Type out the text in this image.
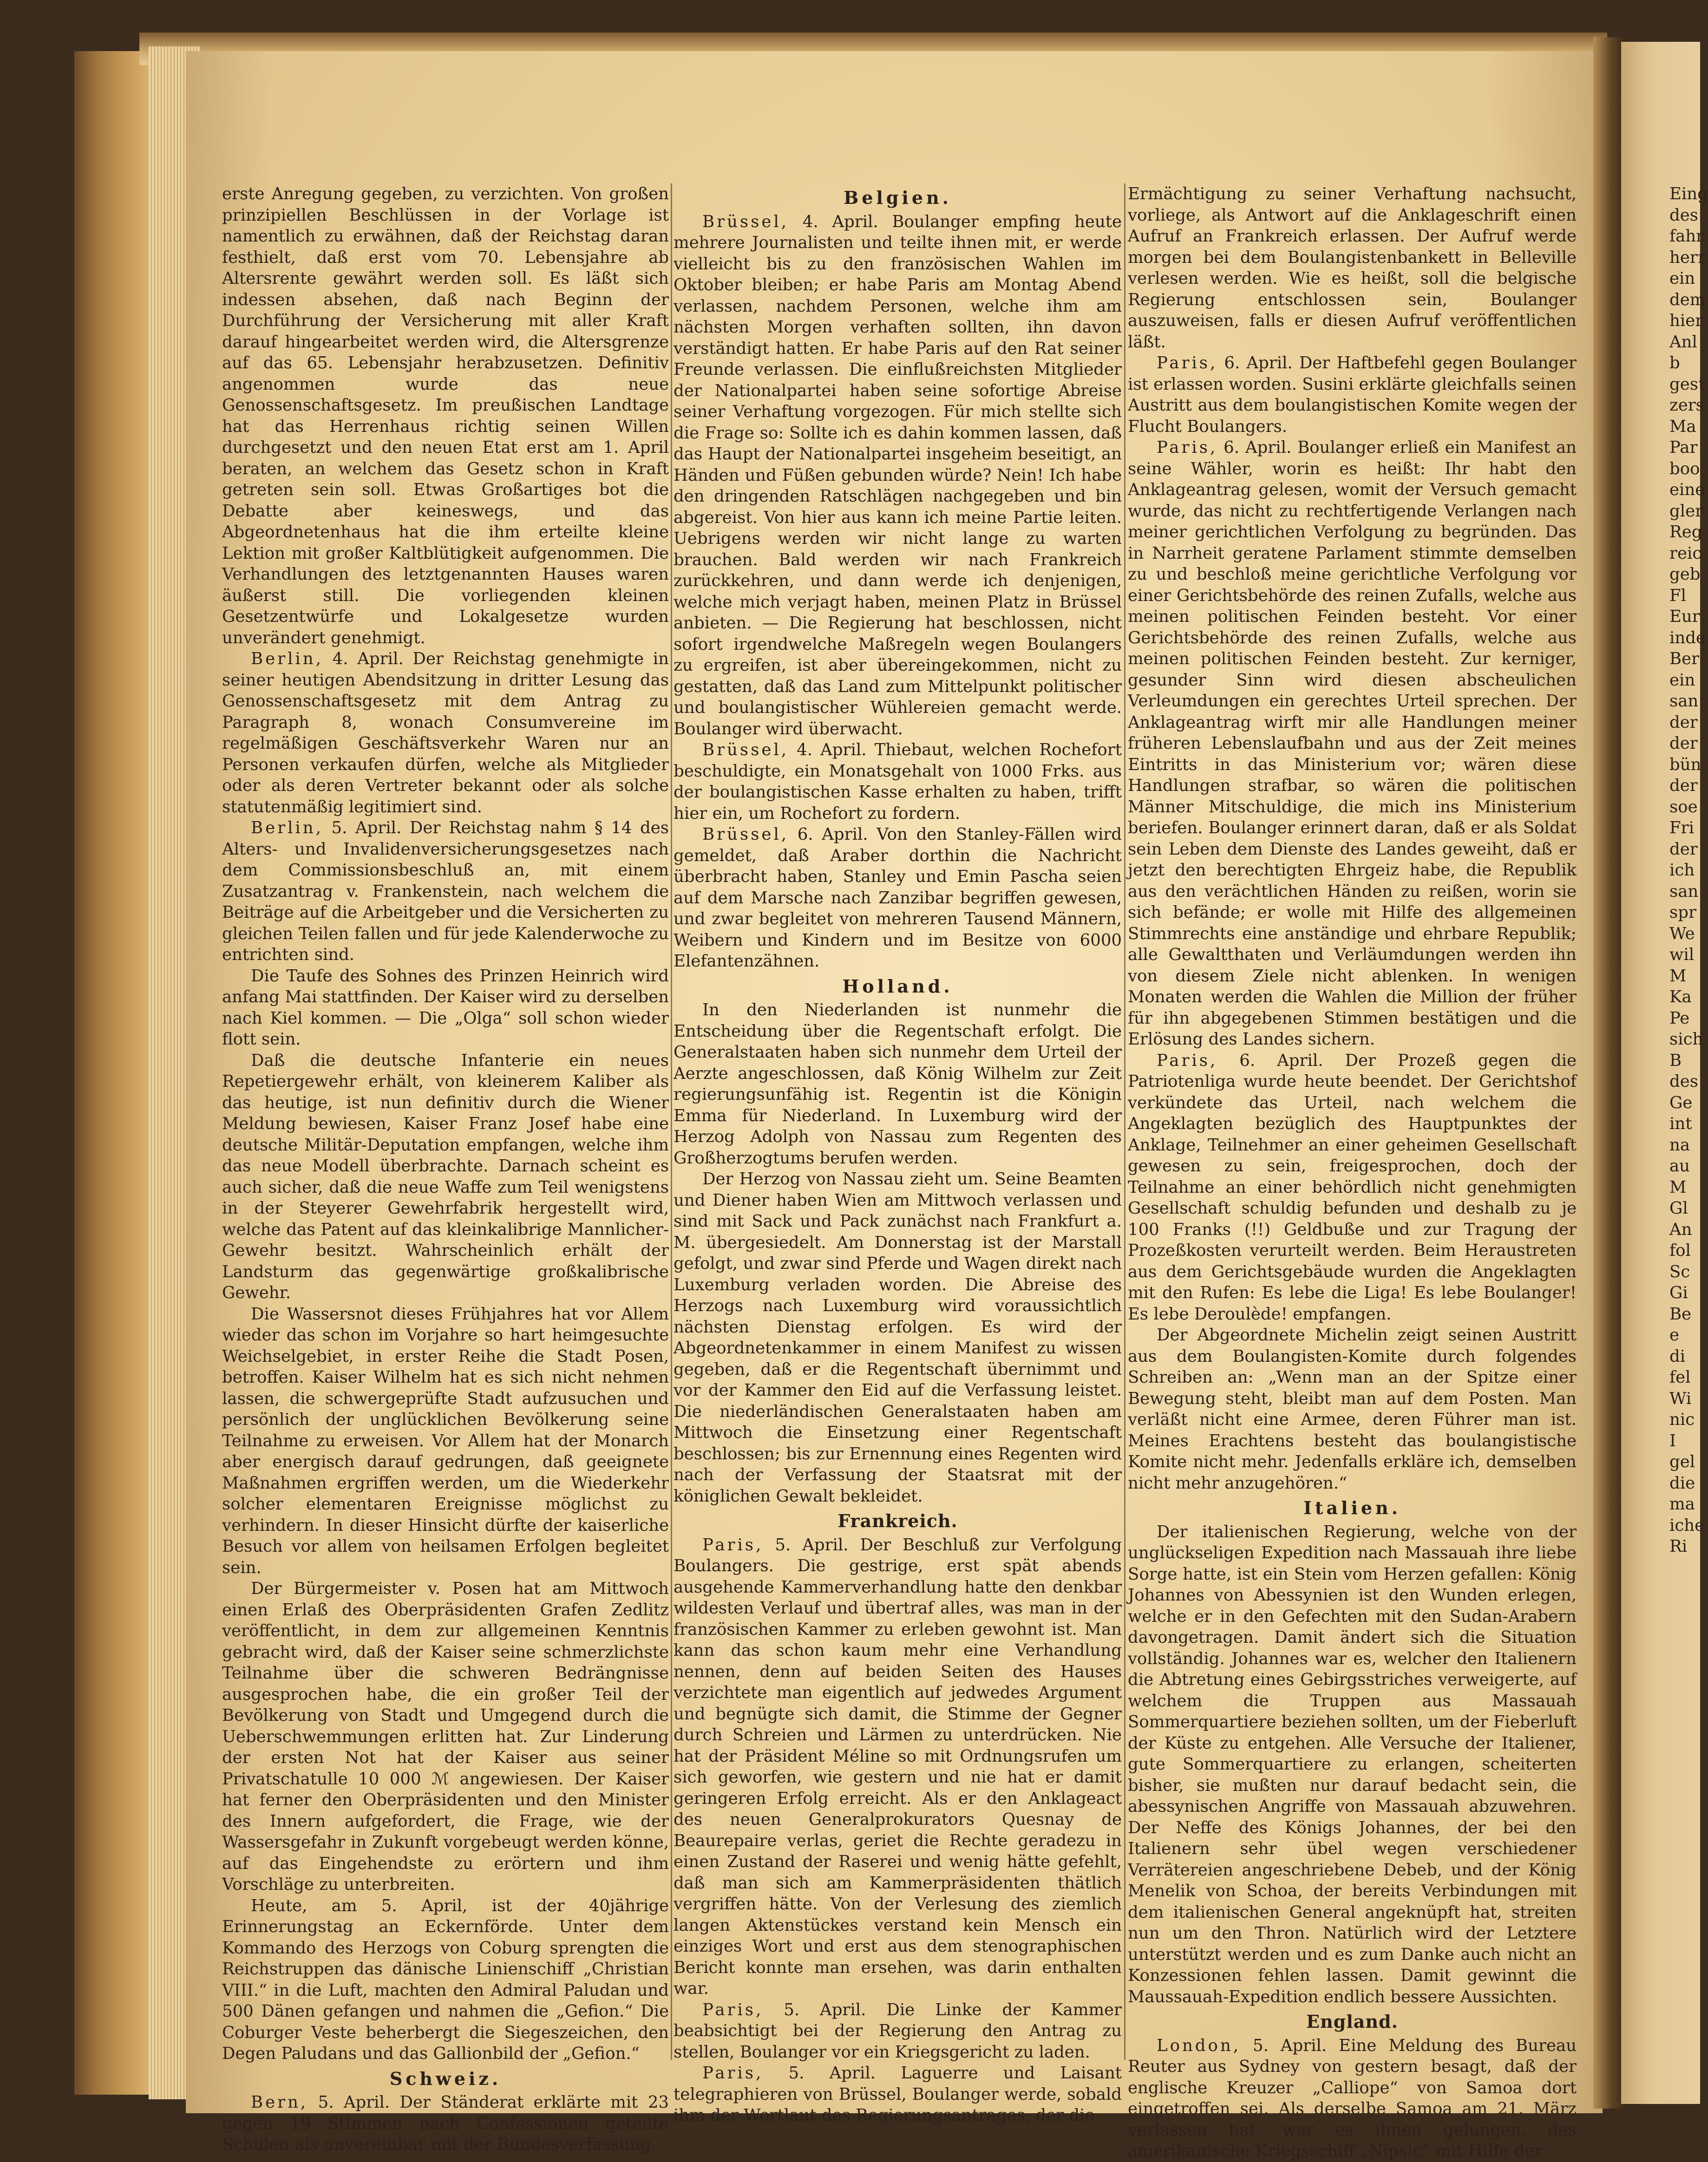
erste Anregung gegeben, zu verzichten. Von großen prinzipiellen Beschlüssen in der Vorlage ist namentlich zu erwähnen, daß der Reichstag daran festhielt, daß erst vom 70. Lebensjahre ab Altersrente gewährt werden soll. Es läßt sich indessen absehen, daß nach Beginn der Durchführung der Versicherung mit aller Kraft darauf hingearbeitet werden wird, die Altersgrenze auf das 65. Lebensjahr herabzusetzen. Definitiv angenommen wurde das neue Genossenschaftsgesetz. Im preußischen Landtage hat das Herrenhaus richtig seinen Willen durchgesetzt und den neuen Etat erst am 1. April beraten, an welchem das Gesetz schon in Kraft getreten sein soll. Etwas Großartiges bot die Debatte aber keineswegs, und das Abgeordnetenhaus hat die ihm erteilte kleine Lektion mit großer Kaltblütigkeit aufgenommen. Die Verhandlungen des letztgenannten Hauses waren äußerst still. Die vorliegenden kleinen Gesetzentwürfe und Lokalgesetze wurden unverändert genehmigt.

Berlin, 4. April. Der Reichstag genehmigte in seiner heutigen Abendsitzung in dritter Lesung das Genossenschaftsgesetz mit dem Antrag zu Paragraph 8, wonach Consumvereine im regelmäßigen Geschäftsverkehr Waren nur an Personen verkaufen dürfen, welche als Mitglieder oder als deren Vertreter bekannt oder als solche statutenmäßig legitimiert sind.

Berlin, 5. April. Der Reichstag nahm § 14 des Alters- und Invalidenversicherungsgesetzes nach dem Commissionsbeschluß an, mit einem Zusatzantrag v. Frankenstein, nach welchem die Beiträge auf die Arbeitgeber und die Versicherten zu gleichen Teilen fallen und für jede Kalenderwoche zu entrichten sind.

Die Taufe des Sohnes des Prinzen Heinrich wird anfang Mai stattfinden. Der Kaiser wird zu derselben nach Kiel kommen. — Die „Olga“ soll schon wieder flott sein.

Daß die deutsche Infanterie ein neues Repetiergewehr erhält, von kleinerem Kaliber als das heutige, ist nun definitiv durch die Wiener Meldung bewiesen, Kaiser Franz Josef habe eine deutsche Militär-Deputation empfangen, welche ihm das neue Modell überbrachte. Darnach scheint es auch sicher, daß die neue Waffe zum Teil wenigstens in der Steyerer Gewehrfabrik hergestellt wird, welche das Patent auf das kleinkalibrige Mannlicher-Gewehr besitzt. Wahrscheinlich erhält der Landsturm das gegenwärtige großkalibrische Gewehr.

Die Wassersnot dieses Frühjahres hat vor Allem wieder das schon im Vorjahre so hart heimgesuchte Weichselgebiet, in erster Reihe die Stadt Posen, betroffen. Kaiser Wilhelm hat es sich nicht nehmen lassen, die schwergeprüfte Stadt aufzusuchen und persönlich der unglücklichen Bevölkerung seine Teilnahme zu erweisen. Vor Allem hat der Monarch aber energisch darauf gedrungen, daß geeignete Maßnahmen ergriffen werden, um die Wiederkehr solcher elementaren Ereignisse möglichst zu verhindern. In dieser Hinsicht dürfte der kaiserliche Besuch vor allem von heilsamen Erfolgen begleitet sein.

Der Bürgermeister v. Posen hat am Mittwoch einen Erlaß des Oberpräsidenten Grafen Zedlitz veröffentlicht, in dem zur allgemeinen Kenntnis gebracht wird, daß der Kaiser seine schmerzlichste Teilnahme über die schweren Bedrängnisse ausgesprochen habe, die ein großer Teil der Bevölkerung von Stadt und Umgegend durch die Ueberschwemmungen erlitten hat. Zur Linderung der ersten Not hat der Kaiser aus seiner Privatschatulle 10 000 ℳ angewiesen. Der Kaiser hat ferner den Oberpräsidenten und den Minister des Innern aufgefordert, die Frage, wie der Wassersgefahr in Zukunft vorgebeugt werden könne, auf das Eingehendste zu erörtern und ihm Vorschläge zu unterbreiten.

Heute, am 5. April, ist der 40jährige Erinnerungstag an Eckernförde. Unter dem Kommando des Herzogs von Coburg sprengten die Reichstruppen das dänische Linienschiff „Christian VIII.“ in die Luft, machten den Admiral Paludan und 500 Dänen gefangen und nahmen die „Gefion.“ Die Coburger Veste beherbergt die Siegeszeichen, den Degen Paludans und das Gallionbild der „Gefion.“

Schweiz.

Bern, 5. April. Der Ständerat erklärte mit 23 gegen 19 Stimmen nach Confessionen geteilte Schulen als unvereinbar mit der Bundesverfassung.

Belgien.

Brüssel, 4. April. Boulanger empfing heute mehrere Journalisten und teilte ihnen mit, er werde vielleicht bis zu den französischen Wahlen im Oktober bleiben; er habe Paris am Montag Abend verlassen, nachdem Personen, welche ihm am nächsten Morgen verhaften sollten, ihn davon verständigt hatten. Er habe Paris auf den Rat seiner Freunde verlassen. Die einflußreichsten Mitglieder der Nationalpartei haben seine sofortige Abreise seiner Verhaftung vorgezogen. Für mich stellte sich die Frage so: Sollte ich es dahin kommen lassen, daß das Haupt der Nationalpartei insgeheim beseitigt, an Händen und Füßen gebunden würde? Nein! Ich habe den dringenden Ratschlägen nachgegeben und bin abgereist. Von hier aus kann ich meine Partie leiten. Uebrigens werden wir nicht lange zu warten brauchen. Bald werden wir nach Frankreich zurückkehren, und dann werde ich denjenigen, welche mich verjagt haben, meinen Platz in Brüssel anbieten. — Die Regierung hat beschlossen, nicht sofort irgendwelche Maßregeln wegen Boulangers zu ergreifen, ist aber übereingekommen, nicht zu gestatten, daß das Land zum Mittelpunkt politischer und boulangistischer Wühlereien gemacht werde. Boulanger wird überwacht.

Brüssel, 4. April. Thiebaut, welchen Rochefort beschuldigte, ein Monatsgehalt von 1000 Frks. aus der boulangistischen Kasse erhalten zu haben, trifft hier ein, um Rochefort zu fordern.

Brüssel, 6. April. Von den Stanley-Fällen wird gemeldet, daß Araber dorthin die Nachricht überbracht haben, Stanley und Emin Pascha seien auf dem Marsche nach Zanzibar begriffen gewesen, und zwar begleitet von mehreren Tausend Männern, Weibern und Kindern und im Besitze von 6000 Elefantenzähnen.

Holland.

In den Niederlanden ist nunmehr die Entscheidung über die Regentschaft erfolgt. Die Generalstaaten haben sich nunmehr dem Urteil der Aerzte angeschlossen, daß König Wilhelm zur Zeit regierungsunfähig ist. Regentin ist die Königin Emma für Niederland. In Luxemburg wird der Herzog Adolph von Nassau zum Regenten des Großherzogtums berufen werden.

Der Herzog von Nassau zieht um. Seine Beamten und Diener haben Wien am Mittwoch verlassen und sind mit Sack und Pack zunächst nach Frankfurt a. M. übergesiedelt. Am Donnerstag ist der Marstall gefolgt, und zwar sind Pferde und Wagen direkt nach Luxemburg verladen worden. Die Abreise des Herzogs nach Luxemburg wird voraussichtlich nächsten Dienstag erfolgen. Es wird der Abgeordnetenkammer in einem Manifest zu wissen gegeben, daß er die Regentschaft übernimmt und vor der Kammer den Eid auf die Verfassung leistet. Die niederländischen Generalstaaten haben am Mittwoch die Einsetzung einer Regentschaft beschlossen; bis zur Ernennung eines Regenten wird nach der Verfassung der Staatsrat mit der königlichen Gewalt bekleidet.

Frankreich.

Paris, 5. April. Der Beschluß zur Verfolgung Boulangers. Die gestrige, erst spät abends ausgehende Kammerverhandlung hatte den denkbar wildesten Verlauf und übertraf alles, was man in der französischen Kammer zu erleben gewohnt ist. Man kann das schon kaum mehr eine Verhandlung nennen, denn auf beiden Seiten des Hauses verzichtete man eigentlich auf jedwedes Argument und begnügte sich damit, die Stimme der Gegner durch Schreien und Lärmen zu unterdrücken. Nie hat der Präsident Méline so mit Ordnungsrufen um sich geworfen, wie gestern und nie hat er damit geringeren Erfolg erreicht. Als er den Anklageact des neuen Generalprokurators Quesnay de Beaurepaire verlas, geriet die Rechte geradezu in einen Zustand der Raserei und wenig hätte gefehlt, daß man sich am Kammerpräsidenten thätlich vergriffen hätte. Von der Verlesung des ziemlich langen Aktenstückes verstand kein Mensch ein einziges Wort und erst aus dem stenographischen Bericht konnte man ersehen, was darin enthalten war.

Paris, 5. April. Die Linke der Kammer beabsichtigt bei der Regierung den Antrag zu stellen, Boulanger vor ein Kriegsgericht zu laden.

Paris, 5. April. Laguerre und Laisant telegraphieren von Brüssel, Boulanger werde, sobald ihm der Wortlaut des Regierungsantrages, der die

Ermächtigung zu seiner Verhaftung nachsucht, vorliege, als Antwort auf die Anklageschrift einen Aufruf an Frankreich erlassen. Der Aufruf werde morgen bei dem Boulangistenbankett in Belleville verlesen werden. Wie es heißt, soll die belgische Regierung entschlossen sein, Boulanger auszuweisen, falls er diesen Aufruf veröffentlichen läßt.

Paris, 6. April. Der Haftbefehl gegen Boulanger ist erlassen worden. Susini erklärte gleichfalls seinen Austritt aus dem boulangistischen Komite wegen der Flucht Boulangers.

Paris, 6. April. Boulanger erließ ein Manifest an seine Wähler, worin es heißt: Ihr habt den Anklageantrag gelesen, womit der Versuch gemacht wurde, das nicht zu rechtfertigende Verlangen nach meiner gerichtlichen Verfolgung zu begründen. Das in Narrheit geratene Parlament stimmte demselben zu und beschloß meine gerichtliche Verfolgung vor einer Gerichtsbehörde des reinen Zufalls, welche aus meinen politischen Feinden besteht. Vor einer Gerichtsbehörde des reinen Zufalls, welche aus meinen politischen Feinden besteht. Zur kerniger, gesunder Sinn wird diesen abscheulichen Verleumdungen ein gerechtes Urteil sprechen. Der Anklageantrag wirft mir alle Handlungen meiner früheren Lebenslaufbahn und aus der Zeit meines Eintritts in das Ministerium vor; wären diese Handlungen strafbar, so wären die politischen Männer Mitschuldige, die mich ins Ministerium beriefen. Boulanger erinnert daran, daß er als Soldat sein Leben dem Dienste des Landes geweiht, daß er jetzt den berechtigten Ehrgeiz habe, die Republik aus den verächtlichen Händen zu reißen, worin sie sich befände; er wolle mit Hilfe des allgemeinen Stimmrechts eine anständige und ehrbare Republik; alle Gewaltthaten und Verläumdungen werden ihn von diesem Ziele nicht ablenken. In wenigen Monaten werden die Wahlen die Million der früher für ihn abgegebenen Stimmen bestätigen und die Erlösung des Landes sichern.

Paris, 6. April. Der Prozeß gegen die Patriotenliga wurde heute beendet. Der Gerichtshof verkündete das Urteil, nach welchem die Angeklagten bezüglich des Hauptpunktes der Anklage, Teilnehmer an einer geheimen Gesellschaft gewesen zu sein, freigesprochen, doch der Teilnahme an einer behördlich nicht genehmigten Gesellschaft schuldig befunden und deshalb zu je 100 Franks (!!) Geldbuße und zur Tragung der Prozeßkosten verurteilt werden. Beim Heraustreten aus dem Gerichtsgebäude wurden die Angeklagten mit den Rufen: Es lebe die Liga! Es lebe Boulanger! Es lebe Deroulède! empfangen.

Der Abgeordnete Michelin zeigt seinen Austritt aus dem Boulangisten-Komite durch folgendes Schreiben an: „Wenn man an der Spitze einer Bewegung steht, bleibt man auf dem Posten. Man verläßt nicht eine Armee, deren Führer man ist. Meines Erachtens besteht das boulangistische Komite nicht mehr. Jedenfalls erkläre ich, demselben nicht mehr anzugehören.“

Italien.

Der italienischen Regierung, welche von der unglückseligen Expedition nach Massauah ihre liebe Sorge hatte, ist ein Stein vom Herzen gefallen: König Johannes von Abessynien ist den Wunden erlegen, welche er in den Gefechten mit den Sudan-Arabern davongetragen. Damit ändert sich die Situation vollständig. Johannes war es, welcher den Italienern die Abtretung eines Gebirgsstriches verweigerte, auf welchem die Truppen aus Massauah Sommerquartiere beziehen sollten, um der Fieberluft der Küste zu entgehen. Alle Versuche der Italiener, gute Sommerquartiere zu erlangen, scheiterten bisher, sie mußten nur darauf bedacht sein, die abessynischen Angriffe von Massauah abzuwehren. Der Neffe des Königs Johannes, der bei den Italienern sehr übel wegen verschiedener Verrätereien angeschriebene Debeb, und der König Menelik von Schoa, der bereits Verbindungen mit dem italienischen General angeknüpft hat, streiten nun um den Thron. Natürlich wird der Letztere unterstützt werden und es zum Danke auch nicht an Konzessionen fehlen lassen. Damit gewinnt die Maussauah-Expedition endlich bessere Aussichten.

England.

London, 5. April. Eine Meldung des Bureau Reuter aus Sydney von gestern besagt, daß der englische Kreuzer „Calliope“ von Samoa dort eingetroffen sei. Als derselbe Samoa am 21. März verlassen hat, war es ihnen gelungen, das amerikanische Kriegsschiff „Nipsic“ mit Hilfe der

Eing
des
fahr
herr
ein
dem
hier
Anl
b
gest
zers
Ma
Par
boo
eine
gler
Reg
reic
geb
Fl
Eur
inde
Ber
ein
san
der
der
bün
der
soe
Fri
der
ich
san
spr
We
wil
M
Ka
Pe
sich
B
des
Ge
int
na
au
M
Gl
An
fol
Sc
Gi
Be
e
di
fel
Wi
nic
I
gel
die
ma
iche
Ri
